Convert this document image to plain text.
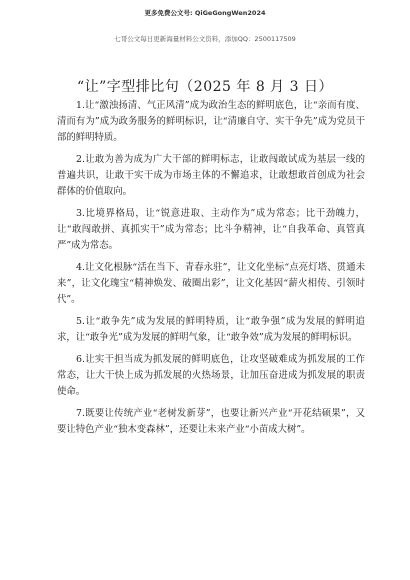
更多免费公文号: QiGeGongWen2024
七哥公文每日更新海量材料公文资料，添加QQ：2500117509
“让”字型排比句（2025 年 8 月 3 日）

1.让“激浊扬清、气正风清”成为政治生态的鲜明底色，让“亲而有度、清而有为”成为政务服务的鲜明标识，让“清廉自守、实干争先”成为党员干部的鲜明特质。

2.让敢为善为成为广大干部的鲜明标志，让敢闯敢试成为基层一线的普遍共识，让敢干实干成为市场主体的不懈追求，让敢想敢首创成为社会群体的价值取向。

3.比境界格局，让“锐意进取、主动作为”成为常态；比干劲魄力，让“敢闯敢拼、真抓实干”成为常态；比斗争精神，让“自我革命、真管真严”成为常态。

4.让文化根脉“活在当下、青春永驻”，让文化坐标“点亮灯塔、贯通未来”，让文化瑰宝“精神焕发、破圈出彩”，让文化基因“薪火相传、引领时代”。

5.让“敢争先”成为发展的鲜明特质，让“敢争强”成为发展的鲜明追求，让“敢争光”成为发展的鲜明气象，让“敢争效”成为发展的鲜明标识。

6.让实干担当成为抓发展的鲜明底色，让攻坚破难成为抓发展的工作常态，让大干快上成为抓发展的火热场景，让加压奋进成为抓发展的职责使命。

7.既要让传统产业“老树发新芽”，也要让新兴产业“开花结硕果”，又要让特色产业“独木变森林”，还要让未来产业“小苗成大树”。
